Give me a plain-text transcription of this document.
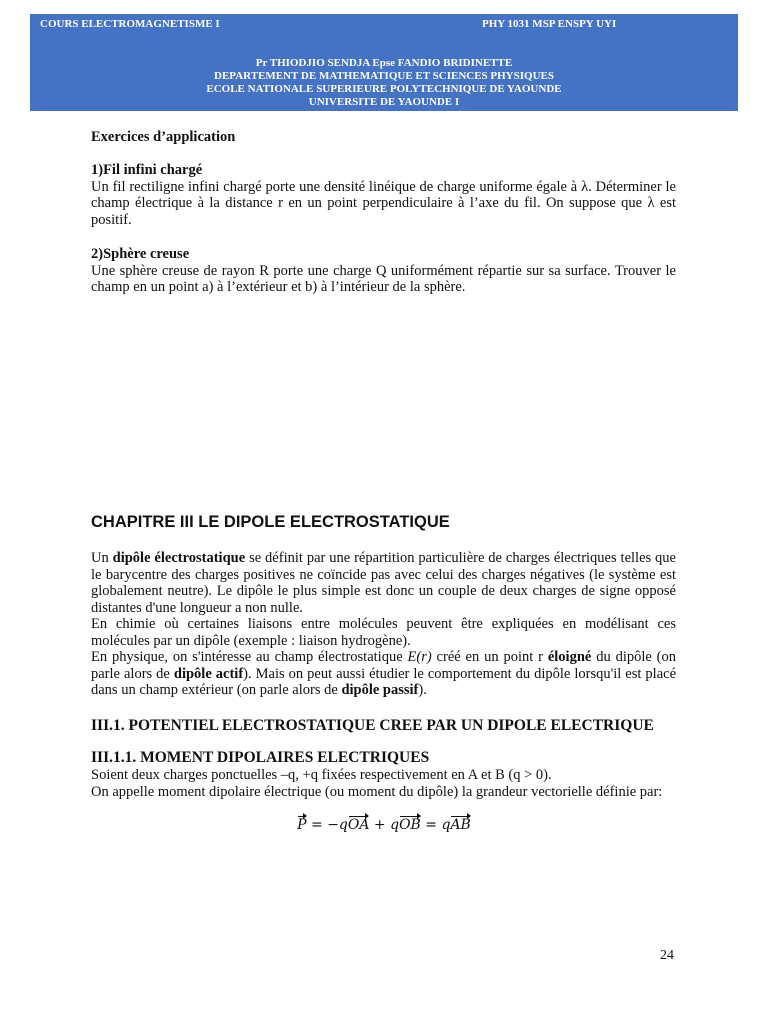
COURS ELECTROMAGNETISME I	PHY 1031 MSP ENSPY UYI
Pr THIODJIO SENDJA Epse FANDIO BRIDINETTE
DEPARTEMENT DE MATHEMATIQUE ET SCIENCES PHYSIQUES
ECOLE NATIONALE SUPERIEURE POLYTECHNIQUE DE YAOUNDE
UNIVERSITE DE YAOUNDE I

Exercices d’application

1)Fil infini chargé

Un fil rectiligne infini chargé porte une densité linéique de charge uniforme égale à λ. Déterminer le champ électrique à la distance r en un point perpendiculaire à l’axe du fil. On suppose que λ est positif.

2)Sphère creuse

Une sphère creuse de rayon R porte une charge Q uniformément répartie sur sa surface. Trouver le champ en un point a) à l’extérieur et b) à l’intérieur de la sphère.

CHAPITRE III LE DIPOLE ELECTROSTATIQUE

Un dipôle électrostatique se définit par une répartition particulière de charges électriques telles que le barycentre des charges positives ne coïncide pas avec celui des charges négatives (le système est globalement neutre). Le dipôle le plus simple est donc un couple de deux charges de signe opposé distantes d'une longueur a non nulle.

En chimie où certaines liaisons entre molécules peuvent être expliquées en modélisant ces molécules par un dipôle (exemple : liaison hydrogène).

En physique, on s'intéresse au champ électrostatique E(r) créé en un point r éloigné du dipôle (on parle alors de dipôle actif). Mais on peut aussi étudier le comportement du dipôle lorsqu'il est placé dans un champ extérieur (on parle alors de dipôle passif).

III.1. POTENTIEL ELECTROSTATIQUE CREE PAR UN DIPOLE ELECTRIQUE
III.1.1. MOMENT DIPOLAIRES ELECTRIQUES

Soient deux charges ponctuelles –q, +q fixées respectivement en A et B (q > 0).

On appelle moment dipolaire électrique (ou moment du dipôle) la grandeur vectorielle définie par:

P = −qOA + qOB = qAB
24
